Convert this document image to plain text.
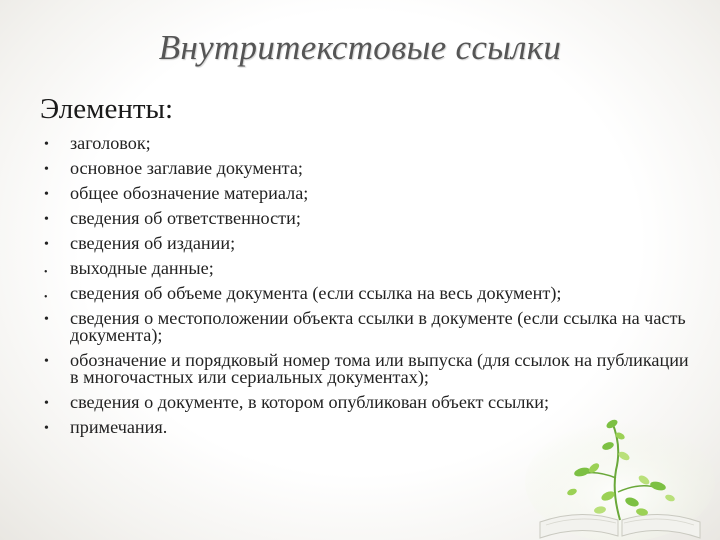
Внутритекстовые ссылки
Элементы:
• заголовок;
• основное заглавие документа;
• общее обозначение материала;
• сведения об ответственности;
• сведения об издании;
• выходные данные;
• сведения об объеме документа (если ссылка на весь документ);
• сведения о местоположении объекта ссылки в документе (если ссылка на часть документа);
• обозначение и порядковый номер тома или выпуска (для ссылок на публикации в многочастных или сериальных документах);
• сведения о документе, в котором опубликован объект ссылки;
• примечания.
